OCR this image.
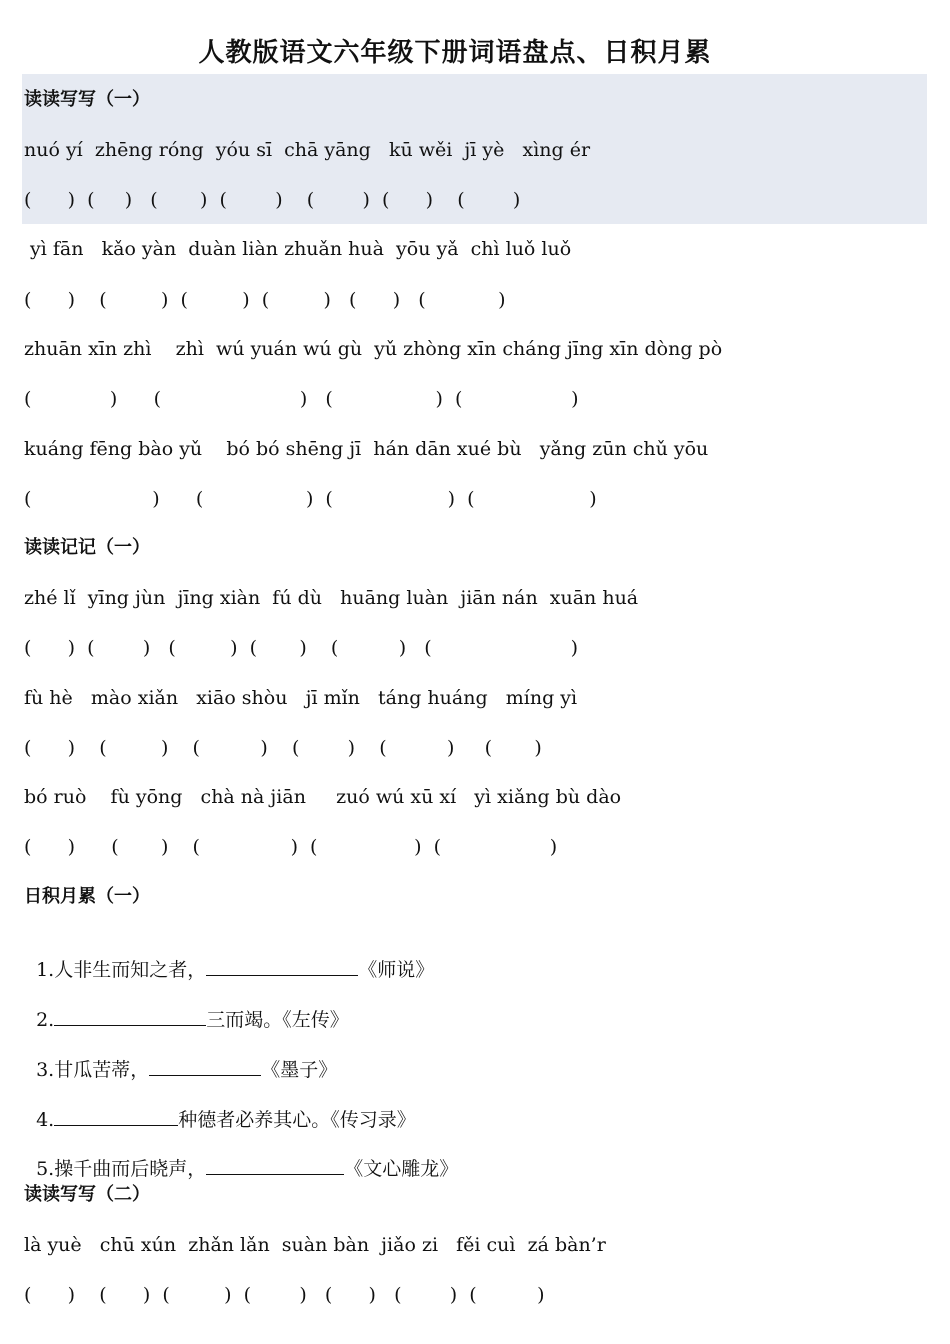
人教版语文六年级下册词语盘点、日积月累
读读写写（一）
nuó yí  zhēng róng  yóu sī  chā yāng   kū wěi  jī yè   xìng ér
(      )  (     )   (       )  (        )    (        )  (      )    (        )
yì fān   kǎo yàn  duàn liàn zhuǎn huà  yōu yǎ  chì luǒ luǒ
(      )    (         )  (         )  (         )   (      )   (            )
zhuān xīn zhì    zhì  wú yuán wú gù  yǔ zhòng xīn cháng jīng xīn dòng pò
(             )      (                       )   (                 )  (                  )
kuáng fēng bào yǔ    bó bó shēng jī  hán dān xué bù   yǎng zūn chǔ yōu
(                    )      (                 )  (                   )  (                   )
读读记记（一）
zhé lǐ  yīng jùn  jīng xiàn  fú dù   huāng luàn  jiān nán  xuān huá
(      )  (        )   (         )  (       )    (          )   (                       )
fù hè   mào xiǎn   xiāo shòu   jī mǐn   táng huáng   míng yì
(      )    (         )    (          )    (        )    (          )     (       )
bó ruò    fù yōng   chà nà jiān     zuó wú xū xí   yì xiǎng bù dào
(      )      (       )    (               )  (                )  (                  )
日积月累（一）

1.人非生而知之者，	《师说》

2.	三而竭。《左传》

3.甘瓜苦蒂，	《墨子》

4.	种德者必养其心。《传习录》

5.操千曲而后晓声，	《文心雕龙》

读读写写（二）
là yuè   chū xún  zhǎn lǎn  suàn bàn  jiǎo zi   fěi cuì  zá bàn’r
(      )    (      )  (         )  (        )   (      )   (        )  (          )
